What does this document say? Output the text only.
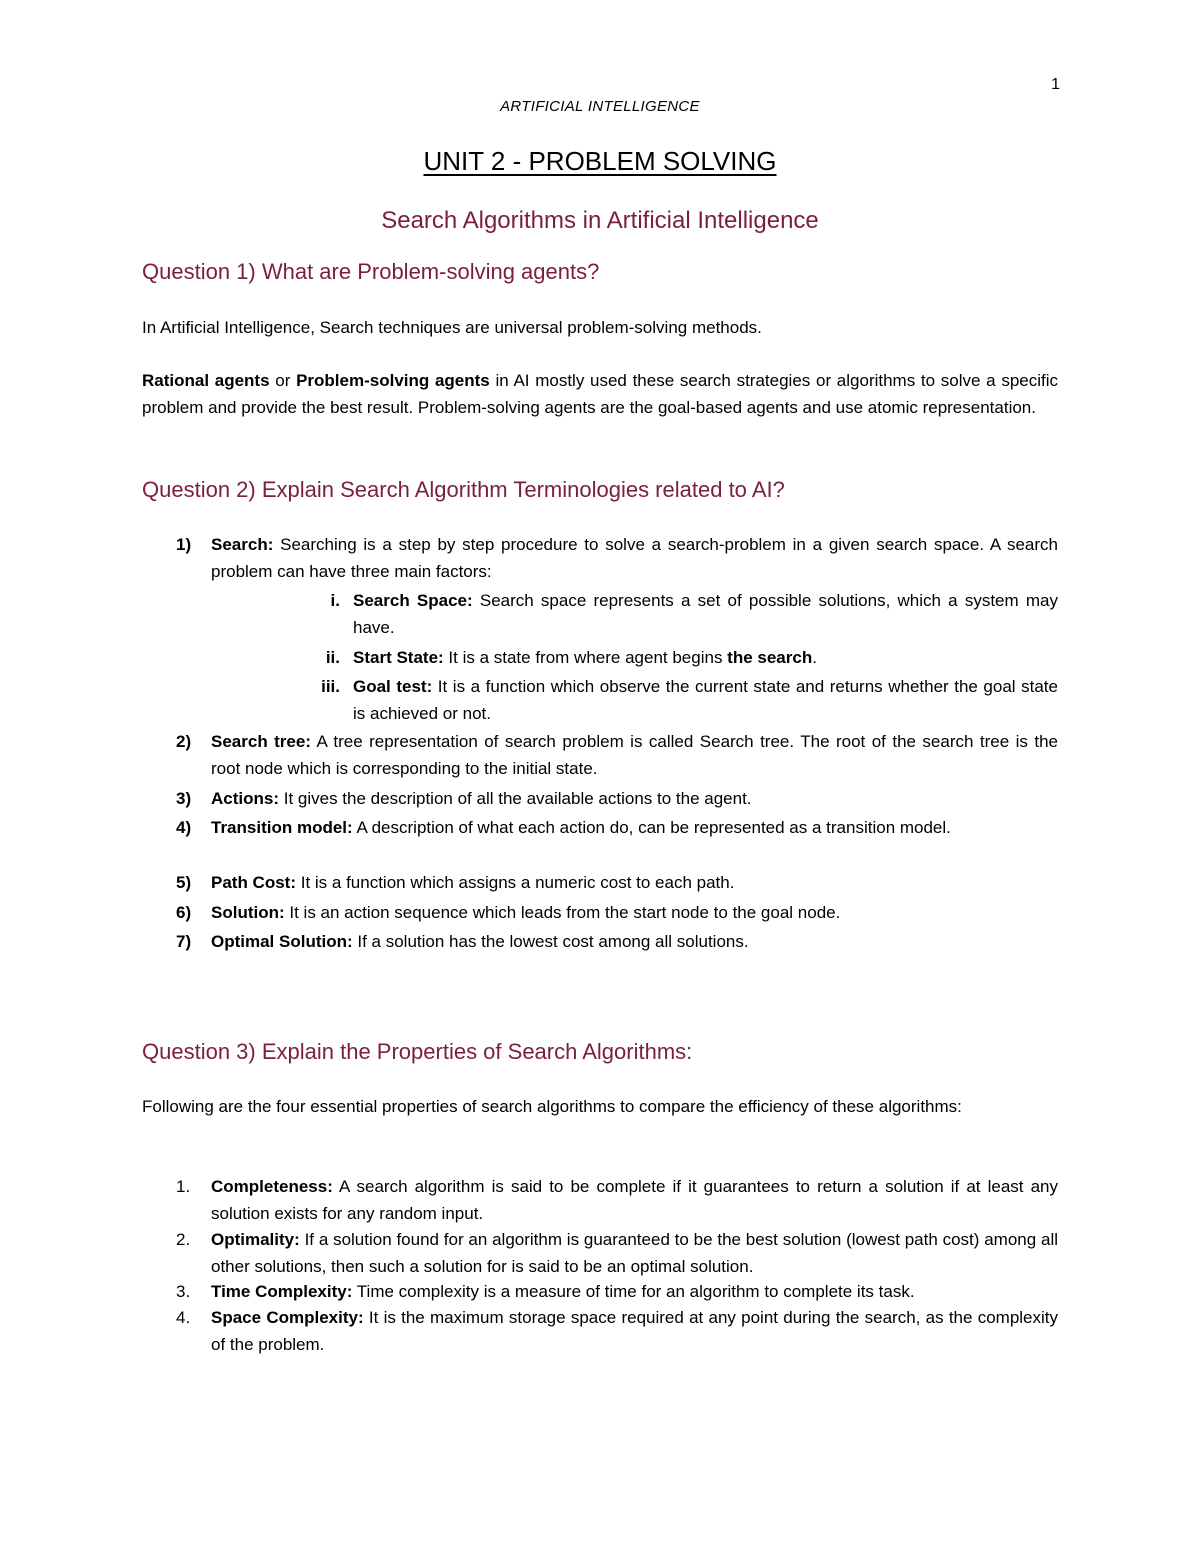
1
ARTIFICIAL INTELLIGENCE
UNIT 2 - PROBLEM SOLVING
Search Algorithms in Artificial Intelligence
Question 1) What are Problem-solving agents?
In Artificial Intelligence, Search techniques are universal problem-solving methods.
Rational agents or Problem-solving agents in AI mostly used these search strategies or algorithms to solve a specific problem and provide the best result. Problem-solving agents are the goal-based agents and use atomic representation.
Question 2) Explain Search Algorithm Terminologies related to AI?
1) Search: Searching is a step by step procedure to solve a search-problem in a given search space. A search problem can have three main factors:
i. Search Space: Search space represents a set of possible solutions, which a system may have.
ii. Start State: It is a state from where agent begins the search.
iii. Goal test: It is a function which observe the current state and returns whether the goal state is achieved or not.
2) Search tree: A tree representation of search problem is called Search tree. The root of the search tree is the root node which is corresponding to the initial state.
3) Actions: It gives the description of all the available actions to the agent.
4) Transition model: A description of what each action do, can be represented as a transition model.
5) Path Cost: It is a function which assigns a numeric cost to each path.
6) Solution: It is an action sequence which leads from the start node to the goal node.
7) Optimal Solution: If a solution has the lowest cost among all solutions.
Question 3) Explain the Properties of Search Algorithms:
Following are the four essential properties of search algorithms to compare the efficiency of these algorithms:
1. Completeness: A search algorithm is said to be complete if it guarantees to return a solution if at least any solution exists for any random input.
2. Optimality: If a solution found for an algorithm is guaranteed to be the best solution (lowest path cost) among all other solutions, then such a solution for is said to be an optimal solution.
3. Time Complexity: Time complexity is a measure of time for an algorithm to complete its task.
4. Space Complexity: It is the maximum storage space required at any point during the search, as the complexity of the problem.
